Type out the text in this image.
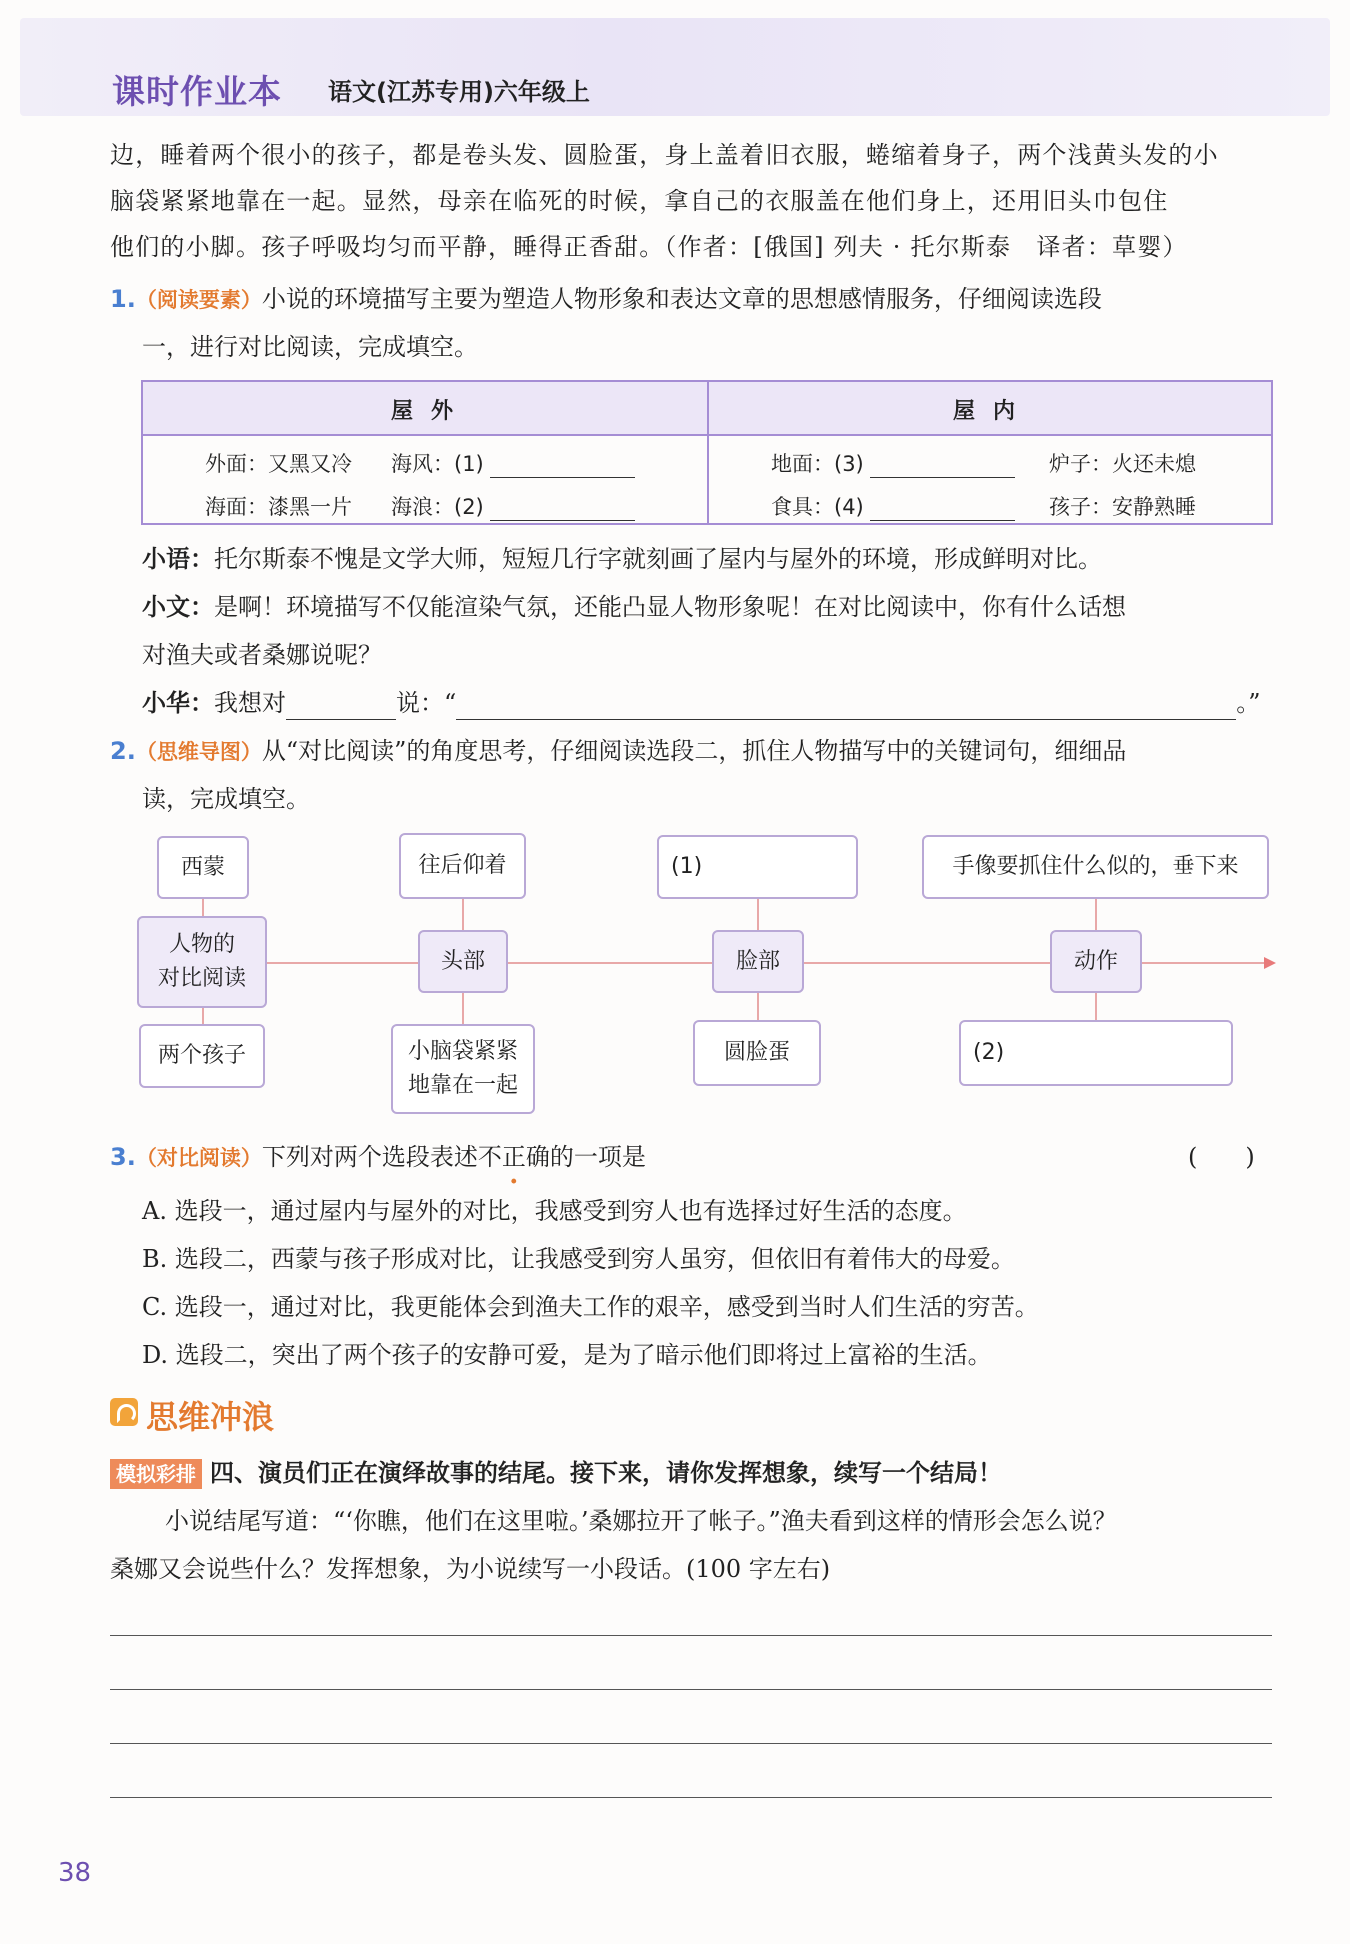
课时作业本 语文(江苏专用)六年级上
边，睡着两个很小的孩子，都是卷头发、圆脸蛋，身上盖着旧衣服，蜷缩着身子，两个浅黄头发的小
脑袋紧紧地靠在一起。显然，母亲在临死的时候，拿自己的衣服盖在他们身上，还用旧头巾包住
他们的小脚。孩子呼吸均匀而平静，睡得正香甜。（作者：[俄国] 列夫 · 托尔斯泰　译者：草婴）
1.（阅读要素）小说的环境描写主要为塑造人物形象和表达文章的思想感情服务，仔细阅读选段
一，进行对比阅读，完成填空。
屋外	屋内
外面：又黑又冷 海风：(1)	地面：(3)	炉子：火还未熄
海面：漆黑一片 海浪：(2)	食具：(4)	孩子：安静熟睡
小语：托尔斯泰不愧是文学大师，短短几行字就刻画了屋内与屋外的环境，形成鲜明对比。
小文：是啊！环境描写不仅能渲染气氛，还能凸显人物形象呢！在对比阅读中，你有什么话想
对渔夫或者桑娜说呢？
小华：我想对	说：“	。”
2.（思维导图）从“对比阅读”的角度思考，仔细阅读选段二，抓住人物描写中的关键词句，细细品
读，完成填空。
西蒙
人物的
对比阅读
两个孩子
往后仰着
头部
小脑袋紧紧
地靠在一起
(1)
脸部
圆脸蛋
手像要抓住什么似的，垂下来
动作
(2)
3.（对比阅读）下列对两个选段表述不正确的一项是	(　　)
A. 选段一，通过屋内与屋外的对比，我感受到穷人也有选择过好生活的态度。
B. 选段二，西蒙与孩子形成对比，让我感受到穷人虽穷，但依旧有着伟大的母爱。
C. 选段一，通过对比，我更能体会到渔夫工作的艰辛，感受到当时人们生活的穷苦。
D. 选段二，突出了两个孩子的安静可爱，是为了暗示他们即将过上富裕的生活。
思维冲浪
模拟彩排 四、演员们正在演绎故事的结尾。接下来，请你发挥想象，续写一个结局！
小说结尾写道：“‘你瞧，他们在这里啦。’桑娜拉开了帐子。”渔夫看到这样的情形会怎么说？
桑娜又会说些什么？发挥想象，为小说续写一小段话。(100 字左右)
38
